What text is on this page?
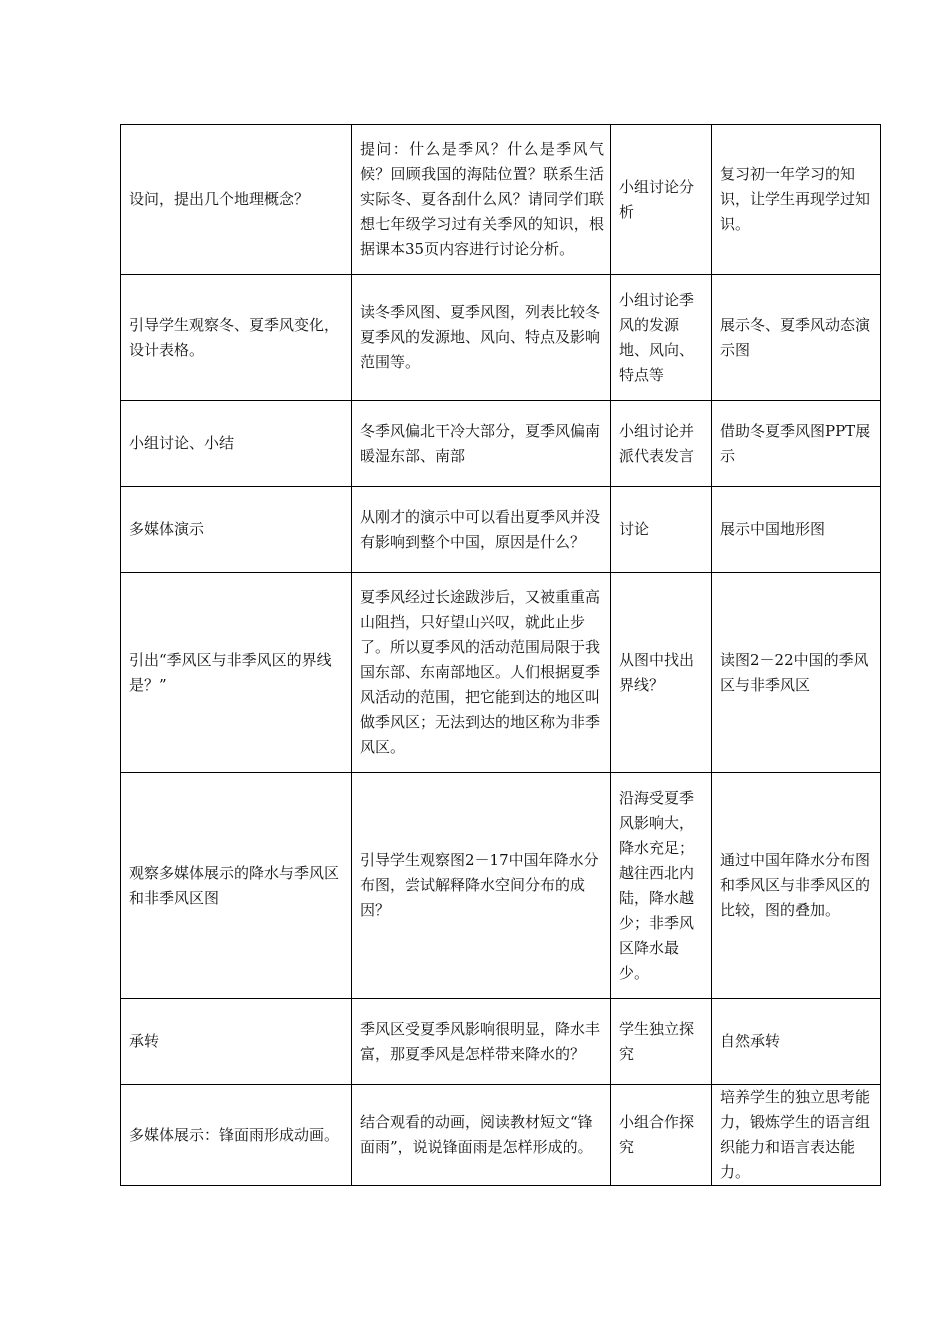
设问，提出几个地理概念？	提问：什么是季风？什么是季风气候？回顾我国的海陆位置？联系生活实际冬、夏各刮什么风？请同学们联想七年级学习过有关季风的知识，根据课本35页内容进行讨论分析。	小组讨论分析	复习初一年学习的知识，让学生再现学过知识。
引导学生观察冬、夏季风变化，设计表格。	读冬季风图、夏季风图，列表比较冬夏季风的发源地、风向、特点及影响范围等。	小组讨论季风的发源地、风向、特点等	展示冬、夏季风动态演示图
小组讨论、小结	冬季风偏北干冷大部分，夏季风偏南暖湿东部、南部	小组讨论并派代表发言	借助冬夏季风图PPT展示
多媒体演示	从刚才的演示中可以看出夏季风并没有影响到整个中国，原因是什么？	讨论	展示中国地形图
引出“季风区与非季风区的界线是？”	夏季风经过长途跋涉后，又被重重高山阻挡，只好望山兴叹，就此止步了。所以夏季风的活动范围局限于我国东部、东南部地区。人们根据夏季风活动的范围，把它能到达的地区叫做季风区；无法到达的地区称为非季风区。	从图中找出界线？	读图2－22中国的季风区与非季风区
观察多媒体展示的降水与季风区和非季风区图	引导学生观察图2－17中国年降水分布图，尝试解释降水空间分布的成因？	沿海受夏季风影响大，降水充足；越往西北内陆，降水越少；非季风区降水最少。	通过中国年降水分布图和季风区与非季风区的比较，图的叠加。
承转	季风区受夏季风影响很明显，降水丰富，那夏季风是怎样带来降水的？	学生独立探究	自然承转
多媒体展示：锋面雨形成动画。	结合观看的动画，阅读教材短文“锋面雨”，说说锋面雨是怎样形成的。	小组合作探究	培养学生的独立思考能力，锻炼学生的语言组织能力和语言表达能力。
